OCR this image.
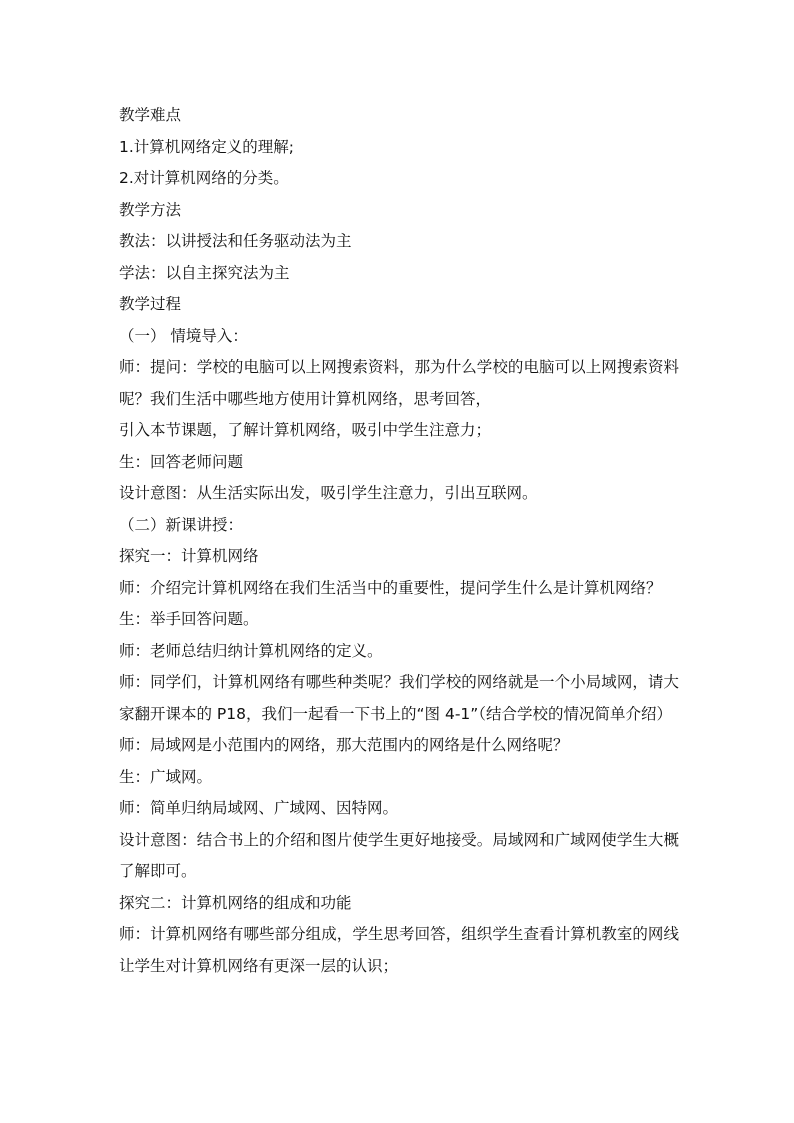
教学难点
1.计算机网络定义的理解;
2.对计算机网络的分类。
教学方法
教法：以讲授法和任务驱动法为主
学法：以自主探究法为主
教学过程
（一） 情境导入：
师：提问：学校的电脑可以上网搜索资料，那为什么学校的电脑可以上网搜索资料呢？我们生活中哪些地方使用计算机网络，思考回答，
引入本节课题，了解计算机网络，吸引中学生注意力；
生：回答老师问题
设计意图：从生活实际出发，吸引学生注意力，引出互联网。
（二）新课讲授：
探究一：计算机网络
师：介绍完计算机网络在我们生活当中的重要性，提问学生什么是计算机网络？
生：举手回答问题。
师：老师总结归纳计算机网络的定义。
师：同学们，计算机网络有哪些种类呢？我们学校的网络就是一个小局域网，请大家翻开课本的 P18，我们一起看一下书上的“图 4-1”（结合学校的情况简单介绍）
师：局域网是小范围内的网络，那大范围内的网络是什么网络呢？
生：广域网。
师：简单归纳局域网、广域网、因特网。
设计意图：结合书上的介绍和图片使学生更好地接受。局域网和广域网使学生大概了解即可。
探究二：计算机网络的组成和功能
师：计算机网络有哪些部分组成，学生思考回答，组织学生查看计算机教室的网线 让学生对计算机网络有更深一层的认识；
